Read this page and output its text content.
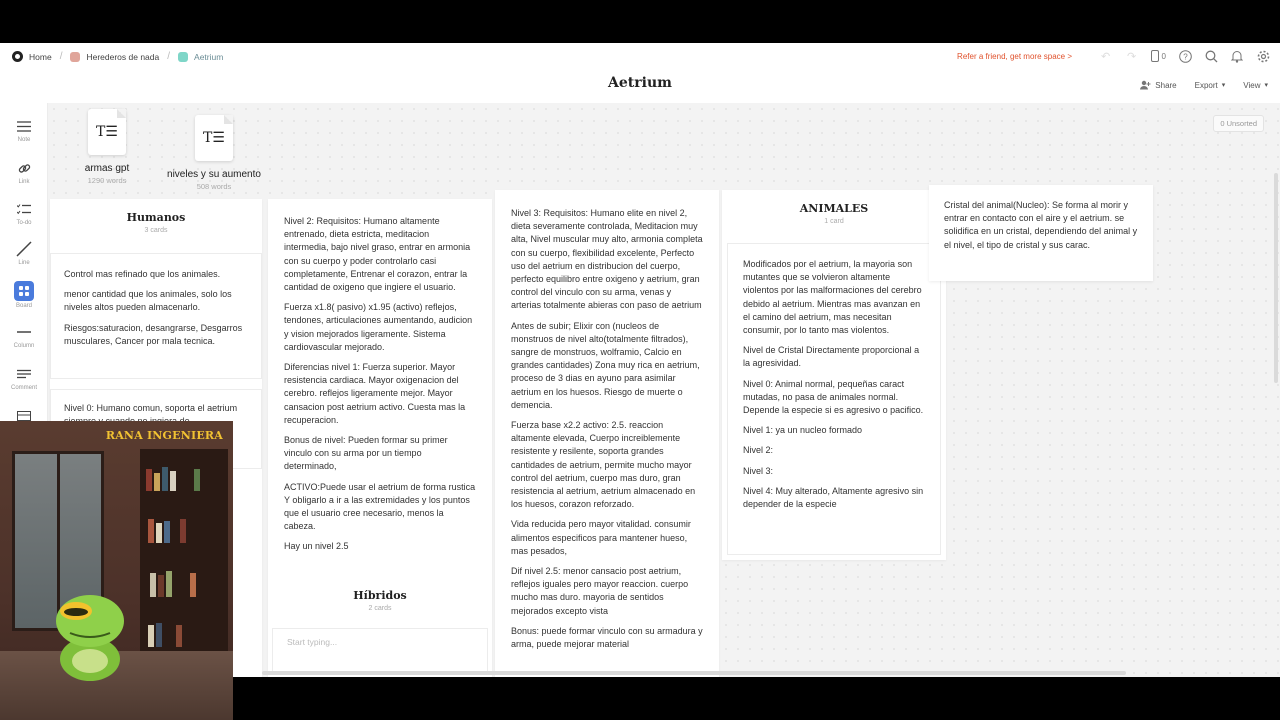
Home /	Herederos de nada /	Aetrium
Aetrium
Refer a friend, get more space >	↶ ↷	0 ?
Share Export ▾ View ▾
Note
Link
To-do
Line
Board
Column
Comment
0 Unsorted
T☰
armas gpt
1290 words
T☰
niveles y su aumento
508 words
Humanos
3 cards

Control mas refinado que los animales.

menor cantidad que los animales, solo los niveles altos pueden almacenarlo.

Riesgos:saturacion, desangrarse, Desgarros musculares, Cancer por mala tecnica.

Nivel 0: Humano comun, soporta el aetrium

Nivel 2: Requisitos: Humano altamente entrenado, dieta estricta, meditacion intermedia, bajo nivel graso, entrar en armonia con su cuerpo y poder controlarlo casi completamente, Entrenar el corazon, entrar la cantidad de oxigeno que ingiere el usuario.

Fuerza x1.8( pasivo) x1.95 (activo) reflejos, tendones, articulaciones aumentando, audicion y vision mejorados ligeramente. Sistema cardiovascular mejorado.

Diferencias nivel 1: Fuerza superior. Mayor resistencia cardiaca. Mayor oxigenacion del cerebro. reflejos ligeramente mejor. Mayor cansacion post aetrium activo. Cuesta mas la recuperacion.

Bonus de nivel: Pueden formar su primer vinculo con su arma por un tiempo determinado,

ACTIVO:Puede usar el aetrium de forma rustica Y obligarlo a ir a las extremidades y los puntos que el usuario cree necesario, menos la cabeza.

Hay un nivel 2.5

Híbridos
2 cards
Start typing...

Nivel 3: Requisitos: Humano elite en nivel 2, dieta severamente controlada, Meditacion muy alta, Nivel muscular muy alto, armonia completa con su cuerpo, flexibilidad excelente, Perfecto uso del aetrium en distribucion del cuerpo, perfecto equilibro entre oxigeno y aetrium, gran control del vinculo con su arma, venas y arterias totalmente abieras con paso de aetrium

Antes de subir; Elixir con (nucleos de monstruos de nivel alto(totalmente filtrados), sangre de monstruos, wolframio, Calcio en grandes cantidades) Zona muy rica en aetrium, proceso de 3 dias en ayuno para asimilar aetrium en los huesos. Riesgo de muerte o demencia.

Fuerza base x2.2 activo: 2.5. reaccion altamente elevada, Cuerpo increiblemente resistente y resilente, soporta grandes cantidades de aetrium, permite mucho mayor control del aetrium, cuerpo mas duro, gran resistencia al aetrium, aetrium almacenado en los huesos, corazon reforzado.

Vida reducida pero mayor vitalidad. consumir alimentos especificos para mantener hueso, mas pesados,

Dif nivel 2.5: menor cansacio post aetrium, reflejos iguales pero mayor reaccion. cuerpo mucho mas duro. mayoria de sentidos mejorados excepto vista

Bonus: puede formar vinculo con su armadura y arma, puede mejorar material

ANIMALES
1 card

Modificados por el aetrium, la mayoria son mutantes que se volvieron altamente violentos por las malformaciones del cerebro debido al aetrium. Mientras mas avanzan en el camino del aetrium, mas necesitan consumir, por lo tanto mas violentos.

Nivel de Cristal Directamente proporcional a la agresividad.

Nivel 0: Animal normal, pequeñas caract mutadas, no pasa de animales normal. Depende la especie si es agresivo o pacifico.

Nivel 1: ya un nucleo formado

Nivel 2:

Nivel 3:

Nivel 4: Muy alterado, Altamente agresivo sin depender de la especie

Cristal del animal(Nucleo): Se forma al morir y entrar en contacto con el aire y el aetrium. se solidifica en un cristal, dependiendo del animal y el nivel, el tipo de cristal y sus carac.

RANA INGENIERA
